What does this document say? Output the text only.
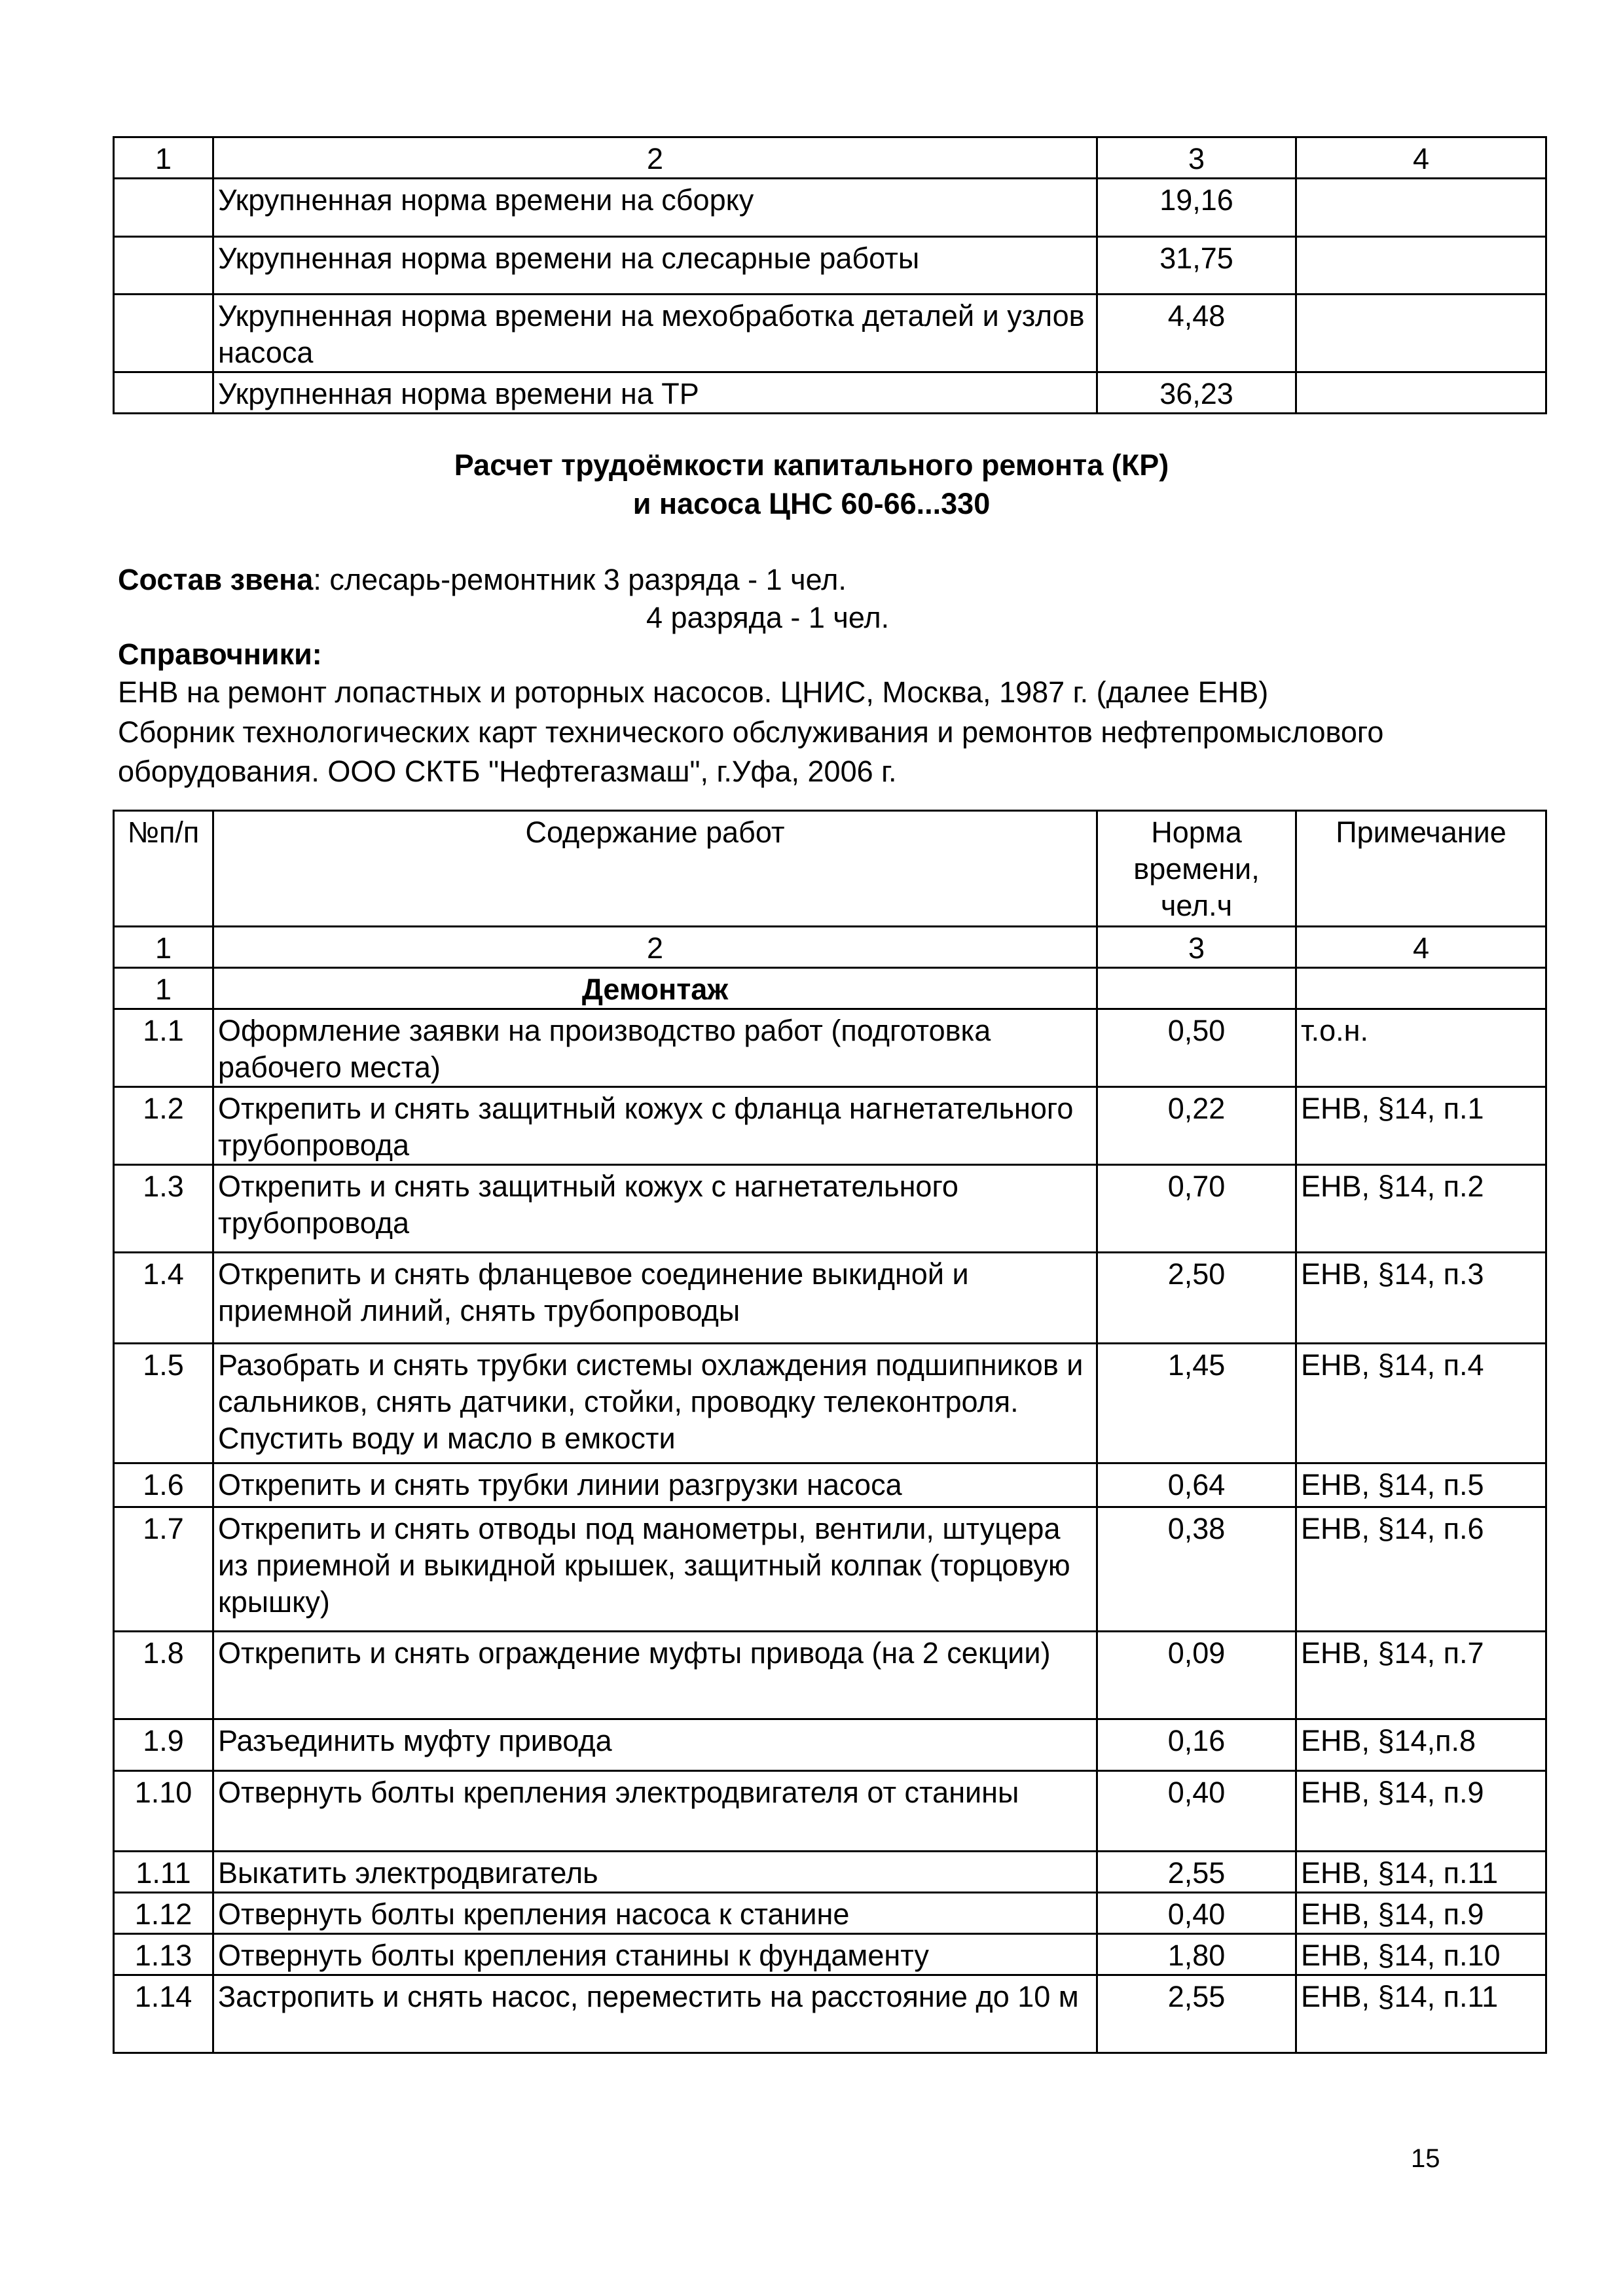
1	2	3	4
	Укрупненная норма времени на сборку	19,16	
	Укрупненная норма времени на слесарные работы	31,75	
	Укрупненная норма времени на мехобработка деталей и узлов насоса	4,48	
	Укрупненная норма времени на ТР	36,23	
Расчет трудоёмкости капитального ремонта (КР)
и насоса ЦНС 60-66...330
Состав звена: слесарь-ремонтник 3 разряда - 1 чел.
4 разряда - 1 чел.
Справочники:
ЕНВ на ремонт лопастных и роторных насосов. ЦНИС, Москва, 1987 г. (далее ЕНВ)
Сборник технологических карт технического обслуживания и ремонтов нефтепромыслового
оборудования. ООО СКТБ "Нефтегазмаш", г.Уфа, 2006 г.
№п/п	Содержание работ	Норма времени, чел.ч	Примечание
1	2	3	4
1	Демонтаж		
1.1	Оформление заявки на производство работ (подготовка рабочего места)	0,50	т.о.н.
1.2	Открепить и снять защитный кожух с фланца нагнетательного трубопровода	0,22	ЕНВ, §14, п.1
1.3	Открепить и снять защитный кожух с нагнетательного трубопровода	0,70	ЕНВ, §14, п.2
1.4	Открепить и снять фланцевое соединение выкидной и приемной линий, снять трубопроводы	2,50	ЕНВ, §14, п.3
1.5	Разобрать и снять трубки системы охлаждения подшипников и сальников, снять датчики, стойки, проводку телеконтроля. Спустить воду и масло в емкости	1,45	ЕНВ, §14, п.4
1.6	Открепить и снять трубки линии разгрузки насоса	0,64	ЕНВ, §14, п.5
1.7	Открепить и снять отводы под манометры, вентили, штуцера из приемной и выкидной крышек, защитный колпак (торцовую крышку)	0,38	ЕНВ, §14, п.6
1.8	Открепить и снять ограждение муфты привода (на 2 секции)	0,09	ЕНВ, §14, п.7
1.9	Разъединить муфту привода	0,16	ЕНВ, §14,п.8
1.10	Отвернуть болты крепления электродвигателя от станины	0,40	ЕНВ, §14, п.9
1.11	Выкатить электродвигатель	2,55	ЕНВ, §14, п.11
1.12	Отвернуть болты крепления насоса к станине	0,40	ЕНВ, §14, п.9
1.13	Отвернуть болты крепления станины к фундаменту	1,80	ЕНВ, §14, п.10
1.14	Застропить и снять насос, переместить на расстояние до 10 м	2,55	ЕНВ, §14, п.11
15
